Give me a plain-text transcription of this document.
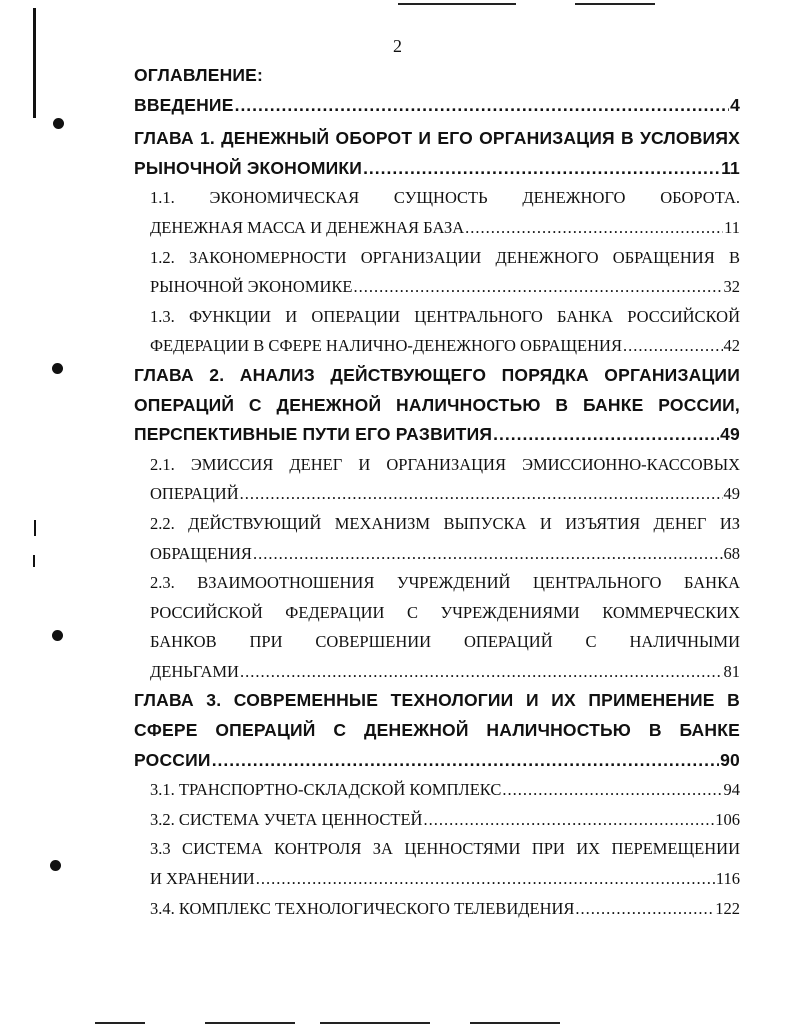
2
ОГЛАВЛЕНИЕ:
ВВЕДЕНИЕ .....	4
ГЛАВА 1. ДЕНЕЖНЫЙ ОБОРОТ И ЕГО ОРГАНИЗАЦИЯ В УСЛОВИЯХ
РЫНОЧНОЙ ЭКОНОМИКИ .....	11
1.1. ЭКОНОМИЧЕСКАЯ СУЩНОСТЬ ДЕНЕЖНОГО ОБОРОТА.
ДЕНЕЖНАЯ МАССА И ДЕНЕЖНАЯ БАЗА .....	11
1.2. ЗАКОНОМЕРНОСТИ ОРГАНИЗАЦИИ ДЕНЕЖНОГО ОБРАЩЕНИЯ В
РЫНОЧНОЙ ЭКОНОМИКЕ .....	32
1.3. ФУНКЦИИ И ОПЕРАЦИИ ЦЕНТРАЛЬНОГО БАНКА РОССИЙСКОЙ
ФЕДЕРАЦИИ В СФЕРЕ НАЛИЧНО-ДЕНЕЖНОГО ОБРАЩЕНИЯ .....	42
ГЛАВА 2. АНАЛИЗ ДЕЙСТВУЮЩЕГО ПОРЯДКА ОРГАНИЗАЦИИ
ОПЕРАЦИЙ С ДЕНЕЖНОЙ НАЛИЧНОСТЬЮ В БАНКЕ РОССИИ,
ПЕРСПЕКТИВНЫЕ ПУТИ ЕГО РАЗВИТИЯ .....	49
2.1. ЭМИССИЯ ДЕНЕГ И ОРГАНИЗАЦИЯ ЭМИССИОННО-КАССОВЫХ
ОПЕРАЦИЙ .....	49
2.2. ДЕЙСТВУЮЩИЙ МЕХАНИЗМ ВЫПУСКА И ИЗЪЯТИЯ ДЕНЕГ ИЗ
ОБРАЩЕНИЯ .....	68
2.3. ВЗАИМООТНОШЕНИЯ УЧРЕЖДЕНИЙ ЦЕНТРАЛЬНОГО БАНКА
РОССИЙСКОЙ ФЕДЕРАЦИИ С УЧРЕЖДЕНИЯМИ КОММЕРЧЕСКИХ
БАНКОВ ПРИ СОВЕРШЕНИИ ОПЕРАЦИЙ С НАЛИЧНЫМИ
ДЕНЬГАМИ .....	81
ГЛАВА 3. СОВРЕМЕННЫЕ ТЕХНОЛОГИИ И ИХ ПРИМЕНЕНИЕ В
СФЕРЕ ОПЕРАЦИЙ С ДЕНЕЖНОЙ НАЛИЧНОСТЬЮ В БАНКЕ
РОССИИ .....	90
3.1. ТРАНСПОРТНО-СКЛАДСКОЙ КОМПЛЕКС .....	94
3.2. СИСТЕМА УЧЕТА ЦЕННОСТЕЙ .....	106
3.3 СИСТЕМА КОНТРОЛЯ ЗА ЦЕННОСТЯМИ ПРИ ИХ ПЕРЕМЕЩЕНИИ
И ХРАНЕНИИ .....	116
3.4. КОМПЛЕКС ТЕХНОЛОГИЧЕСКОГО ТЕЛЕВИДЕНИЯ .....	122
